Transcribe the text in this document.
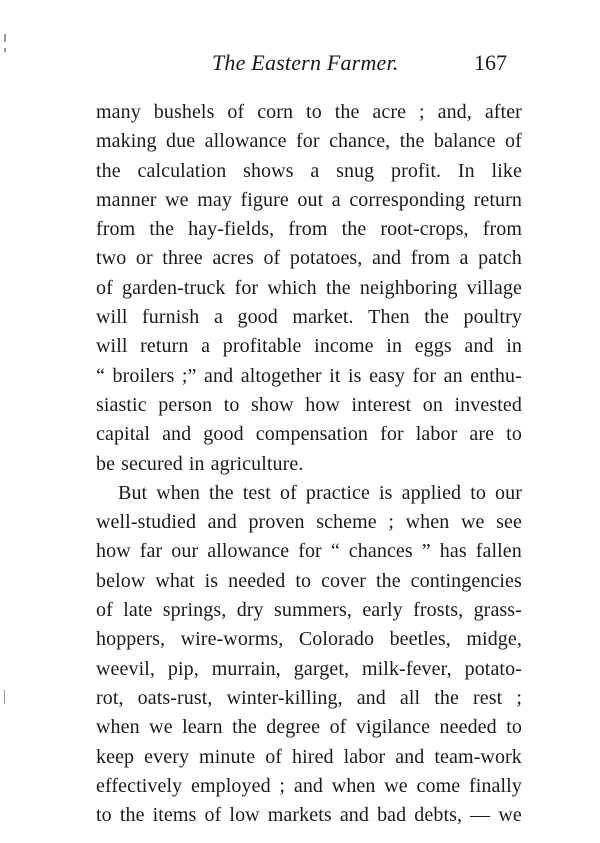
The Eastern Farmer.	167
many bushels of corn to the acre ; and, after
making due allowance for chance, the balance of
the calculation shows a snug profit. In like
manner we may figure out a corresponding return
from the hay-fields, from the root-crops, from
two or three acres of potatoes, and from a patch
of garden-truck for which the neighboring village
will furnish a good market. Then the poultry
will return a profitable income in eggs and in
“ broilers ;” and altogether it is easy for an enthu-
siastic person to show how interest on invested
capital and good compensation for labor are to
be secured in agriculture.
But when the test of practice is applied to our
well-studied and proven scheme ; when we see
how far our allowance for “ chances ” has fallen
below what is needed to cover the contingencies
of late springs, dry summers, early frosts, grass-
hoppers, wire-worms, Colorado beetles, midge,
weevil, pip, murrain, garget, milk-fever, potato-
rot, oats-rust, winter-killing, and all the rest ;
when we learn the degree of vigilance needed to
keep every minute of hired labor and team-work
effectively employed ; and when we come finally
to the items of low markets and bad debts, — we
